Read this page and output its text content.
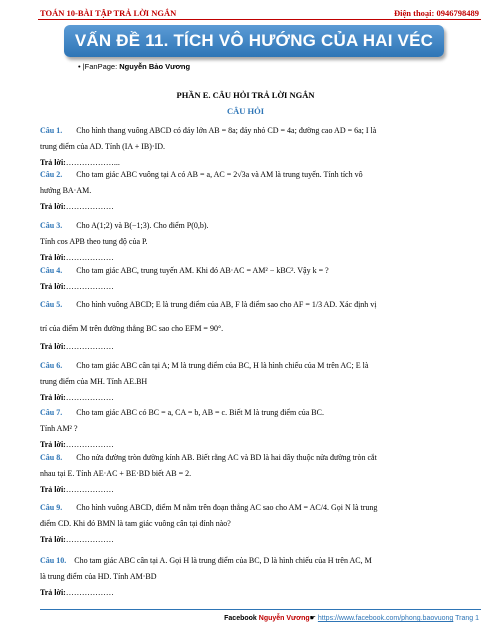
TOÁN 10-BÀI TẬP TRẢ LỜI NGẮN	Điện thoại: 0946798489
VẤN ĐỀ 11. TÍCH VÔ HƯỚNG CỦA HAI VÉC TƠ
• |FanPage: Nguyễn Bảo Vương
PHẦN E. CÂU HỎI TRẢ LỜI NGẮN
CÂU HỎI
Câu 1. Cho hình thang vuông ABCD có đáy lớn AB = 8a; đáy nhỏ CD = 4a; đường cao AD = 6a; I là
trung điểm của AD. Tính (IA + IB)·ID.
Trả lời:………………...
Câu 2. Cho tam giác ABC vuông tại A có AB = a, AC = 2√3a và AM là trung tuyến. Tính tích vô
hướng BA·AM.
Trả lời:………………
Câu 3. Cho A(1;2) và B(−1;3). Cho điểm P(0,b).
Tính cos APB theo tung độ của P.
Trả lời:………………
Câu 4. Cho tam giác ABC, trung tuyến AM. Khi đó AB·AC = AM² − kBC². Vậy k = ?
Trả lời:………………
Câu 5. Cho hình vuông ABCD; E là trung điểm của AB, F là điểm sao cho AF = 1/3 AD. Xác định vị
trí của điểm M trên đường thẳng BC sao cho EFM = 90°.
Trả lời:………………
Câu 6. Cho tam giác ABC cân tại A; M là trung điểm của BC, H là hình chiếu của M trên AC; E là
trung điểm của MH. Tính AE.BH
Trả lời:………………
Câu 7. Cho tam giác ABC có BC = a, CA = b, AB = c. Biết M là trung điểm của BC.
Tính AM² ?
Trả lời:………………
Câu 8. Cho nửa đường tròn đường kính AB. Biết rằng AC và BD là hai dây thuộc nửa đường tròn cắt
nhau tại E. Tính AE·AC + BE·BD biết AB = 2.
Trả lời:………………
Câu 9. Cho hình vuông ABCD, điểm M nằm trên đoạn thẳng AC sao cho AM = AC/4. Gọi N là trung
điểm CD. Khi đó BMN là tam giác vuông cân tại đỉnh nào?
Trả lời:………………
Câu 10. Cho tam giác ABC cân tại A. Gọi H là trung điểm của BC, D là hình chiếu của H trên AC, M
là trung điểm của HD. Tính AM·BD
Trả lời:………………
Facebook Nguyễn Vương☛ https://www.facebook.com/phong.baovuong Trang 1
